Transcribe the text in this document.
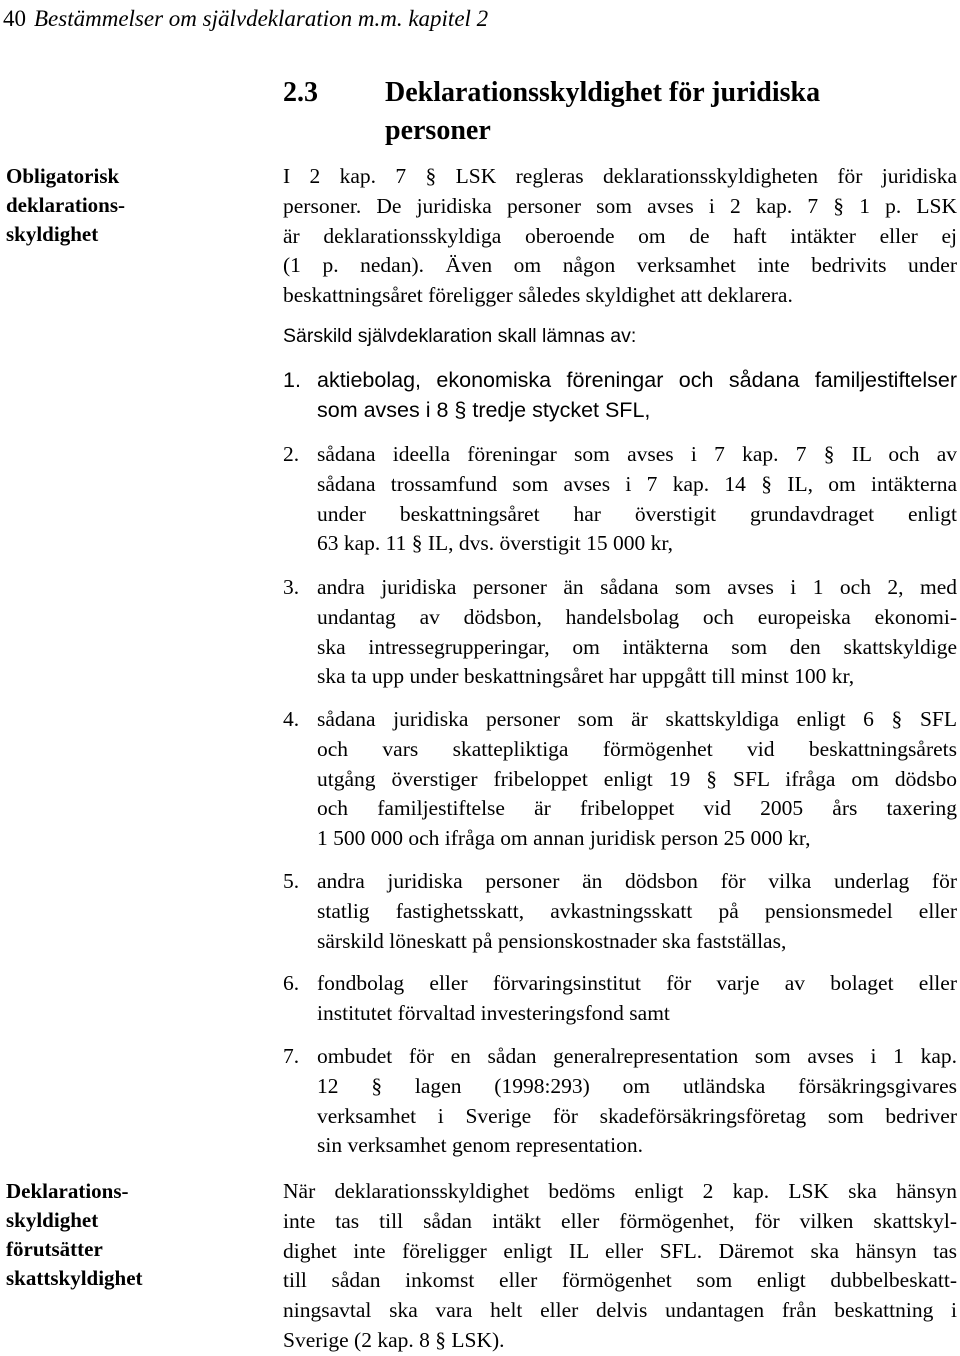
40 Bestämmelser om självdeklaration m.m. kapitel 2
Obligatorisk
deklarations-
skyldighet
Deklarations-
skyldighet
förutsätter
skattskyldighet
2.3 Deklarationsskyldighet för juridiska
personer
I 2 kap. 7 § LSK regleras deklarationsskyldigheten för juridiska
personer. De juridiska personer som avses i 2 kap. 7 § 1 p. LSK
är deklarationsskyldiga oberoende om de haft intäkter eller ej
(1 p. nedan). Även om någon verksamhet inte bedrivits under
beskattningsåret föreligger således skyldighet att deklarera.
Särskild självdeklaration skall lämnas av:
1. aktiebolag, ekonomiska föreningar och sådana familjestiftelser
som avses i 8 § tredje stycket SFL,
2. sådana ideella föreningar som avses i 7 kap. 7 § IL och av
sådana trossamfund som avses i 7 kap. 14 § IL, om intäkterna
under beskattningsåret har överstigit grundavdraget enligt
63 kap. 11 § IL, dvs. överstigit 15 000 kr,
3. andra juridiska personer än sådana som avses i 1 och 2, med
undantag av dödsbon, handelsbolag och europeiska ekonomi-
ska intressegrupperingar, om intäkterna som den skattskyldige
ska ta upp under beskattningsåret har uppgått till minst 100 kr,
4. sådana juridiska personer som är skattskyldiga enligt 6 § SFL
och vars skattepliktiga förmögenhet vid beskattningsårets
utgång överstiger fribeloppet enligt 19 § SFL ifråga om dödsbo
och familjestiftelse är fribeloppet vid 2005 års taxering
1 500 000 och ifråga om annan juridisk person 25 000 kr,
5. andra juridiska personer än dödsbon för vilka underlag för
statlig fastighetsskatt, avkastningsskatt på pensionsmedel eller
särskild löneskatt på pensionskostnader ska fastställas,
6. fondbolag eller förvaringsinstitut för varje av bolaget eller
institutet förvaltad investeringsfond samt
7. ombudet för en sådan generalrepresentation som avses i 1 kap.
12 § lagen (1998:293) om utländska försäkringsgivares
verksamhet i Sverige för skadeförsäkringsföretag som bedriver
sin verksamhet genom representation.
När deklarationsskyldighet bedöms enligt 2 kap. LSK ska hänsyn
inte tas till sådan intäkt eller förmögenhet, för vilken skattskyl-
dighet inte föreligger enligt IL eller SFL. Däremot ska hänsyn tas
till sådan inkomst eller förmögenhet som enligt dubbelbeskatt-
ningsavtal ska vara helt eller delvis undantagen från beskattning i
Sverige (2 kap. 8 § LSK).
